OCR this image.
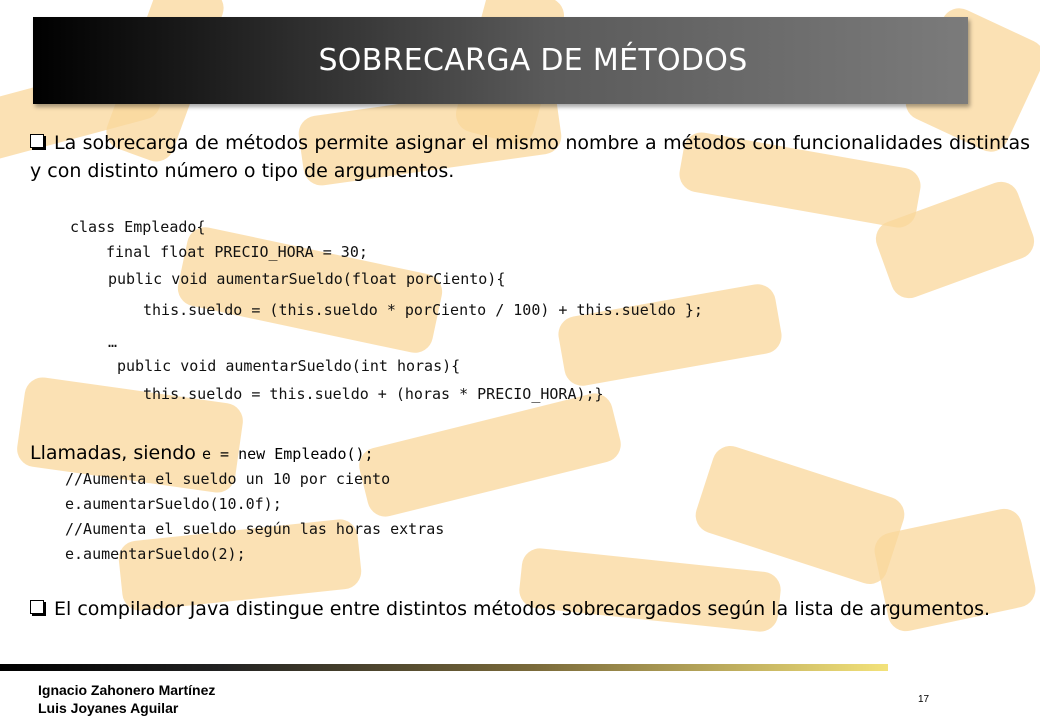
SOBRECARGA DE MÉTODOS
La sobrecarga de métodos permite asignar el mismo nombre a métodos con funcionalidades distintas y con distinto número o tipo de argumentos.
class Empleado{
final float PRECIO_HORA = 30;
public void aumentarSueldo(float porCiento){
this.sueldo = (this.sueldo * porCiento / 100) + this.sueldo };
…
public void aumentarSueldo(int horas){
this.sueldo = this.sueldo + (horas * PRECIO_HORA);}
Llamadas, siendo e = new Empleado();
//Aumenta el sueldo un 10 por ciento
e.aumentarSueldo(10.0f);
//Aumenta el sueldo según las horas extras
e.aumentarSueldo(2);
El compilador Java distingue entre distintos métodos sobrecargados según la lista de argumentos.
Ignacio Zahonero Martínez
Luis Joyanes Aguilar
17
